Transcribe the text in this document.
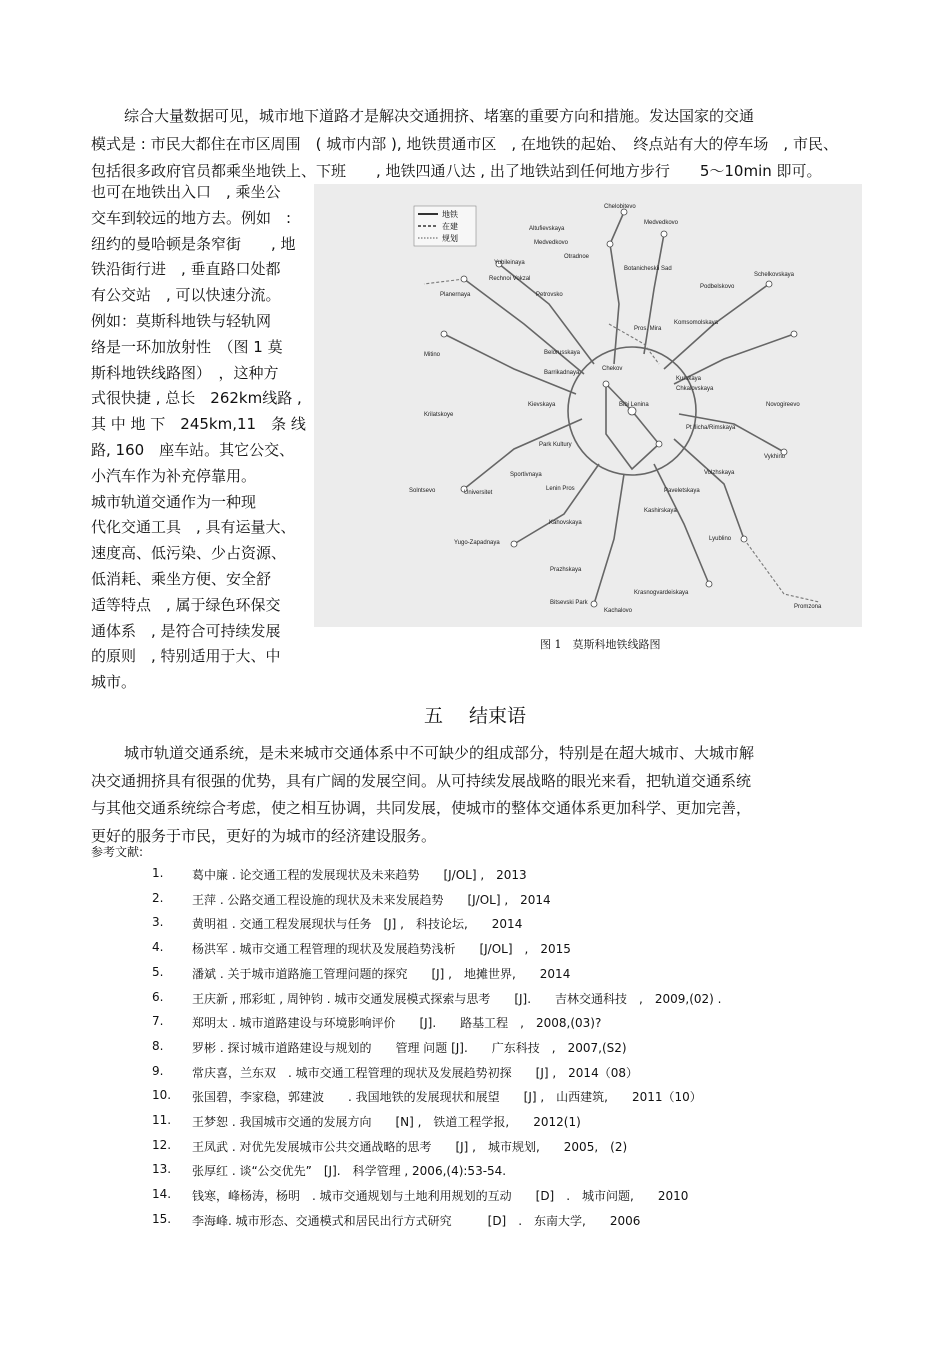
综合大量数据可见，城市地下道路才是解决交通拥挤、堵塞的重要方向和措施。发达国家的交通
模式是 : 市民大都住在市区周围　( 城市内部 ), 地铁贯通市区　, 在地铁的起始、　终点站有大的停车场　, 市民、
包括很多政府官员都乘坐地铁上、下班　　, 地铁四通八达 , 出了地铁站到任何地方步行　　5～10min 即可。
也可在地铁出入口　, 乘坐公
交车到较远的地方去。例如　:
纽约的曼哈顿是条窄街　　, 地
铁沿街行进　, 垂直路口处都
有公交站　, 可以快速分流。
例如：莫斯科地铁与轻轨网
络是一环加放射性　（图 1 莫
斯科地铁线路图）　，这种方
式很快捷 , 总长　262km线路 ,
其 中 地 下　245km,11　条 线
路, 160　座车站。其它公交、
小汽车作为补充停靠用。
城市轨道交通作为一种现
代化交通工具　, 具有运量大、
速度高、低污染、少占资源、
低消耗、乘坐方便、安全舒
适等特点　, 属于绿色环保交
通体系　, 是符合可持续发展
的原则　, 特别适用于大、中
城市。
地铁
在建
规划
Chelobitevo
Medvedkovo
Altufievskaya
Medvedkovo
Otradnoe
Botanicheskii Sad
Yubileinaya
Rechnoi Vokzal
Petrovsko
Planernaya
Podbelskovo
Schelkovskaya
Pros. Mira
Komsomolskaya
Belorusskaya
Barrikadnaya
Chekov
Mitino
Kurskaya
Chkalovskaya
Novogireevo
Kievskaya	Bibi Lenina
Krilatskoye
Pt Ilicha/Rimskaya
Park Kultury
Vykhino
Volzhskaya
Sportivnaya
Paveletskaya
Solntsevo	Universitet
Lenin Pros
Kashirskaya
Kahovskaya
Lyublino
Yugo-Zapadnaya
Prazhskaya
Krasnogvardeiskaya
Bitsevski Park
Kachalovo
Promzona
图 1　莫斯科地铁线路图
五 结束语
城市轨道交通系统，是未来城市交通体系中不可缺少的组成部分，特别是在超大城市、大城市解
决交通拥挤具有很强的优势，具有广阔的发展空间。从可持续发展战略的眼光来看，把轨道交通系统
与其他交通系统综合考虑，使之相互协调，共同发展，使城市的整体交通体系更加科学、更加完善，
更好的服务于市民，更好的为城市的经济建设服务。
参考文献:
1. 葛中廉 . 论交通工程的发展现状及未来趋势　　[J/OL] ,　2013
2. 王萍 . 公路交通工程设施的现状及未来发展趋势　　[J/OL] ,　2014
3. 黄明祖 . 交通工程发展现状与任务　[J] ,　科技论坛,　　2014
4. 杨洪军 . 城市交通工程管理的现状及发展趋势浅析　　[J/OL]　,　2015
5. 潘斌 . 关于城市道路施工管理问题的探究　　[J] ,　地摊世界,　　2014
6. 王庆新 , 邢彩虹 , 周钟钧 . 城市交通发展模式探索与思考　　[J].　　吉林交通科技　,　2009,(02) .
7. 郑明太 . 城市道路建设与环境影响评价　　[J].　　路基工程　,　2008,(03)?
8. 罗彬 . 探讨城市道路建设与规划的　　管理 问题 [J].　　广东科技　,　2007,(S2)
9. 常庆喜，兰东双　. 城市交通工程管理的现状及发展趋势初探　　[J] ,　2014（08）
10. 张国碧，李家稳，郭建波　　. 我国地铁的发展现状和展望　　[J] ,　山西建筑,　　2011（10）
11. 王梦恕 . 我国城市交通的发展方向　　[N] ,　铁道工程学报,　　2012(1)
12. 王凤武 . 对优先发展城市公共交通战略的思考　　[J] ,　城市规划,　　2005,　(2)
13. 张厚红 . 谈“公交优先”　[J].　科学管理 , 2006,(4):53-54.
14. 钱寒，峰杨涛，杨明　. 城市交通规划与土地利用规划的互动　　[D]　.　城市问题,　　2010
15. 李海峰. 城市形态、交通模式和居民出行方式研究　　　[D]　.　东南大学,　　2006
